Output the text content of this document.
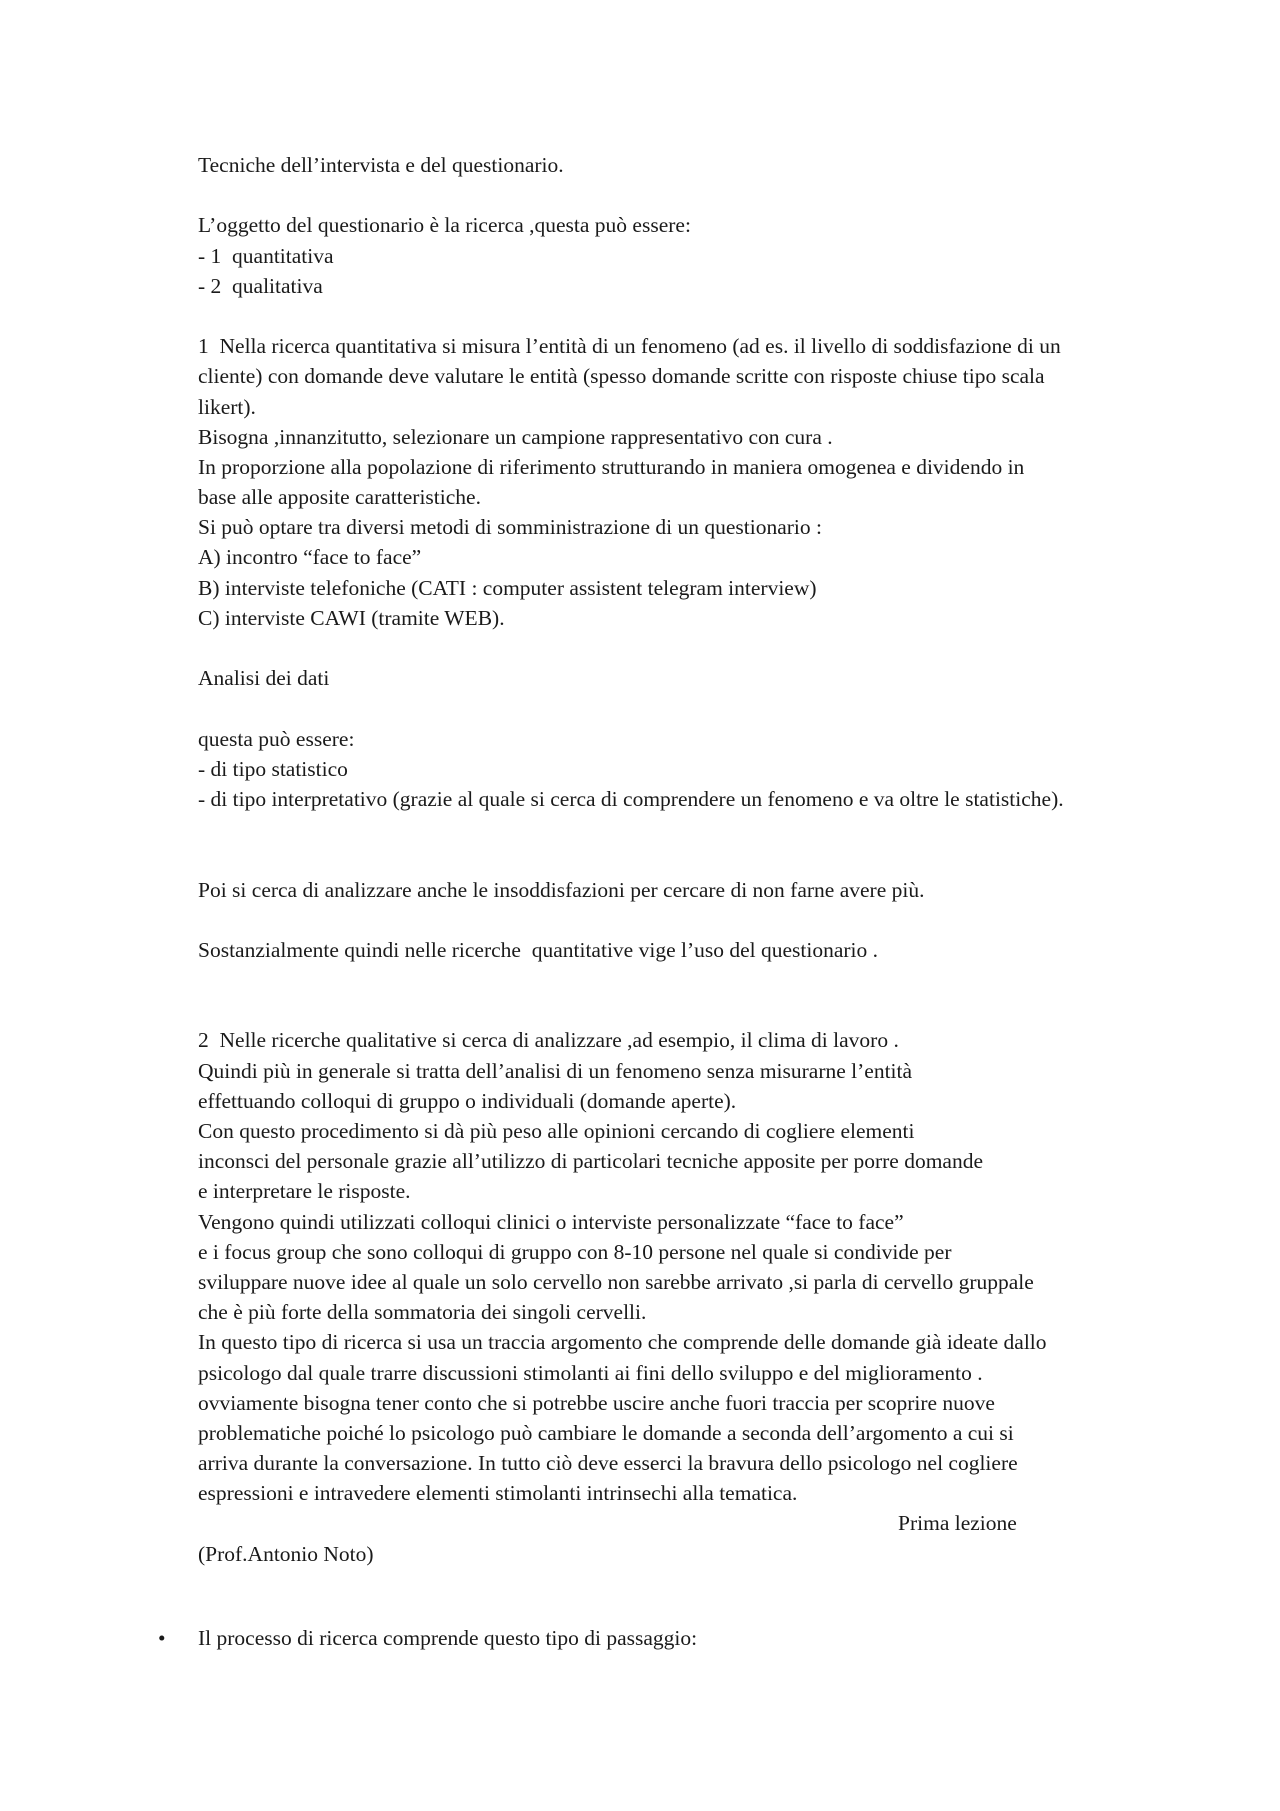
Tecniche dell’intervista e del questionario.
L’oggetto del questionario è la ricerca ,questa può essere:
- 1  quantitativa
- 2  qualitativa
1  Nella ricerca quantitativa si misura l’entità di un fenomeno (ad es. il livello di soddisfazione di un
cliente) con domande deve valutare le entità (spesso domande scritte con risposte chiuse tipo scala
likert).
Bisogna ,innanzitutto, selezionare un campione rappresentativo con cura .
In proporzione alla popolazione di riferimento strutturando in maniera omogenea e dividendo in
base alle apposite caratteristiche.
Si può optare tra diversi metodi di somministrazione di un questionario :
A) incontro “face to face”
B) interviste telefoniche (CATI : computer assistent telegram interview)
C) interviste CAWI (tramite WEB).
Analisi dei dati
questa può essere:
- di tipo statistico
- di tipo interpretativo (grazie al quale si cerca di comprendere un fenomeno e va oltre le statistiche).
Poi si cerca di analizzare anche le insoddisfazioni per cercare di non farne avere più.
Sostanzialmente quindi nelle ricerche  quantitative vige l’uso del questionario .
2  Nelle ricerche qualitative si cerca di analizzare ,ad esempio, il clima di lavoro .
Quindi più in generale si tratta dell’analisi di un fenomeno senza misurarne l’entità
effettuando colloqui di gruppo o individuali (domande aperte).
Con questo procedimento si dà più peso alle opinioni cercando di cogliere elementi
inconsci del personale grazie all’utilizzo di particolari tecniche apposite per porre domande
e interpretare le risposte.
Vengono quindi utilizzati colloqui clinici o interviste personalizzate “face to face”
e i focus group che sono colloqui di gruppo con 8-10 persone nel quale si condivide per
sviluppare nuove idee al quale un solo cervello non sarebbe arrivato ,si parla di cervello gruppale
che è più forte della sommatoria dei singoli cervelli.
In questo tipo di ricerca si usa un traccia argomento che comprende delle domande già ideate dallo
psicologo dal quale trarre discussioni stimolanti ai fini dello sviluppo e del miglioramento .
ovviamente bisogna tener conto che si potrebbe uscire anche fuori traccia per scoprire nuove
problematiche poiché lo psicologo può cambiare le domande a seconda dell’argomento a cui si
arriva durante la conversazione. In tutto ciò deve esserci la bravura dello psicologo nel cogliere
espressioni e intravedere elementi stimolanti intrinsechi alla tematica.
Prima lezione
(Prof.Antonio Noto)

•

	Il processo di ricerca comprende questo tipo di passaggio:
